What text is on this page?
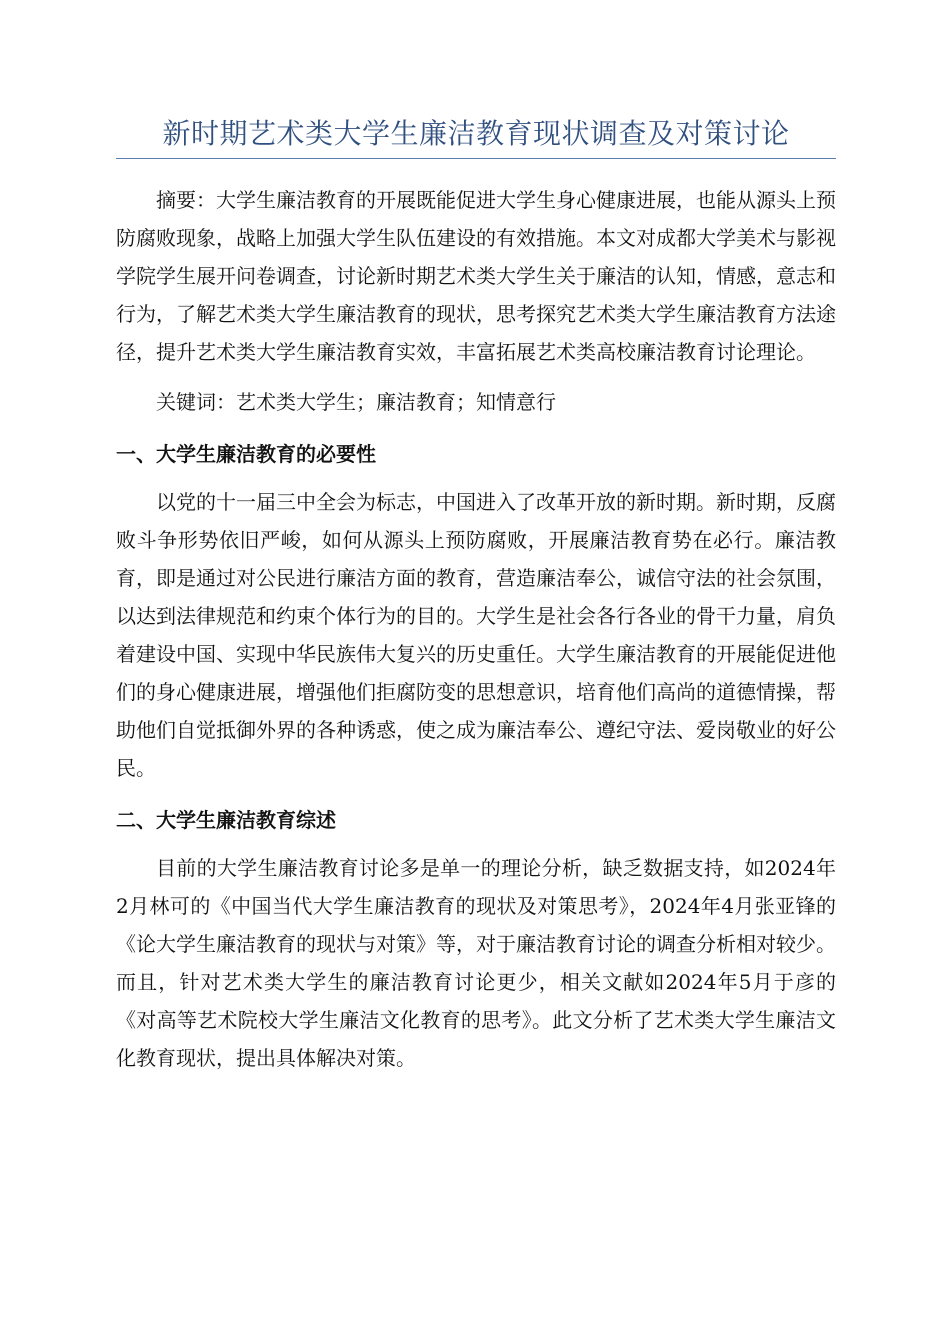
新时期艺术类大学生廉洁教育现状调查及对策讨论

摘要：大学生廉洁教育的开展既能促进大学生身心健康进展，也能从源头上预防腐败现象，战略上加强大学生队伍建设的有效措施。本文对成都大学美术与影视学院学生展开问卷调查，讨论新时期艺术类大学生关于廉洁的认知，情感，意志和行为，了解艺术类大学生廉洁教育的现状，思考探究艺术类大学生廉洁教育方法途径，提升艺术类大学生廉洁教育实效，丰富拓展艺术类高校廉洁教育讨论理论。

关键词：艺术类大学生；廉洁教育；知情意行

一、大学生廉洁教育的必要性

以党的十一届三中全会为标志，中国进入了改革开放的新时期。新时期，反腐败斗争形势依旧严峻，如何从源头上预防腐败，开展廉洁教育势在必行。廉洁教育，即是通过对公民进行廉洁方面的教育，营造廉洁奉公，诚信守法的社会氛围，以达到法律规范和约束个体行为的目的。大学生是社会各行各业的骨干力量，肩负着建设中国、实现中华民族伟大复兴的历史重任。大学生廉洁教育的开展能促进他们的身心健康进展，增强他们拒腐防变的思想意识，培育他们高尚的道德情操，帮助他们自觉抵御外界的各种诱惑，使之成为廉洁奉公、遵纪守法、爱岗敬业的好公民。

二、大学生廉洁教育综述

目前的大学生廉洁教育讨论多是单一的理论分析，缺乏数据支持，如2024年2月林可的《中国当代大学生廉洁教育的现状及对策思考》，2024年4月张亚锋的《论大学生廉洁教育的现状与对策》等，对于廉洁教育讨论的调查分析相对较少。而且，针对艺术类大学生的廉洁教育讨论更少，相关文献如2024年5月于彦的《对高等艺术院校大学生廉洁文化教育的思考》。此文分析了艺术类大学生廉洁文化教育现状，提出具体解决对策。
